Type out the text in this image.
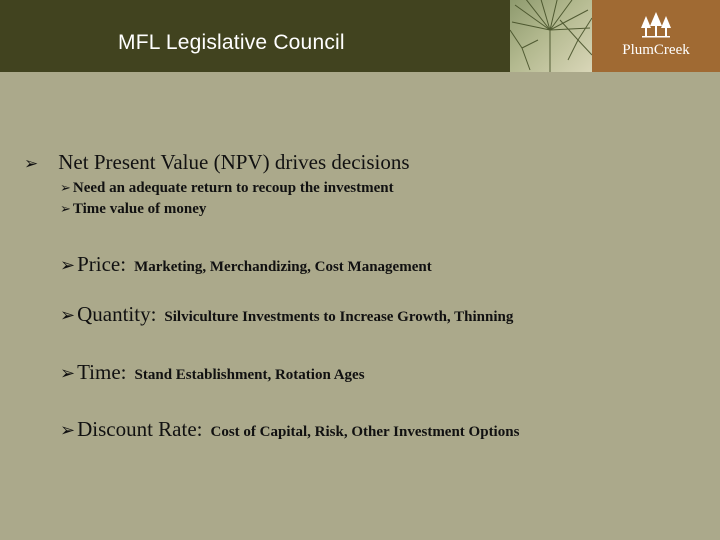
MFL Legislative Council	PlumCreek
➢ Net Present Value (NPV) drives decisions
➢ Need an adequate return to recoup the investment
➢ Time value of money
➢Price: Marketing, Merchandizing, Cost Management
➢Quantity: Silviculture Investments to Increase Growth, Thinning
➢Time: Stand Establishment, Rotation Ages
➢Discount Rate: Cost of Capital, Risk, Other Investment Options
